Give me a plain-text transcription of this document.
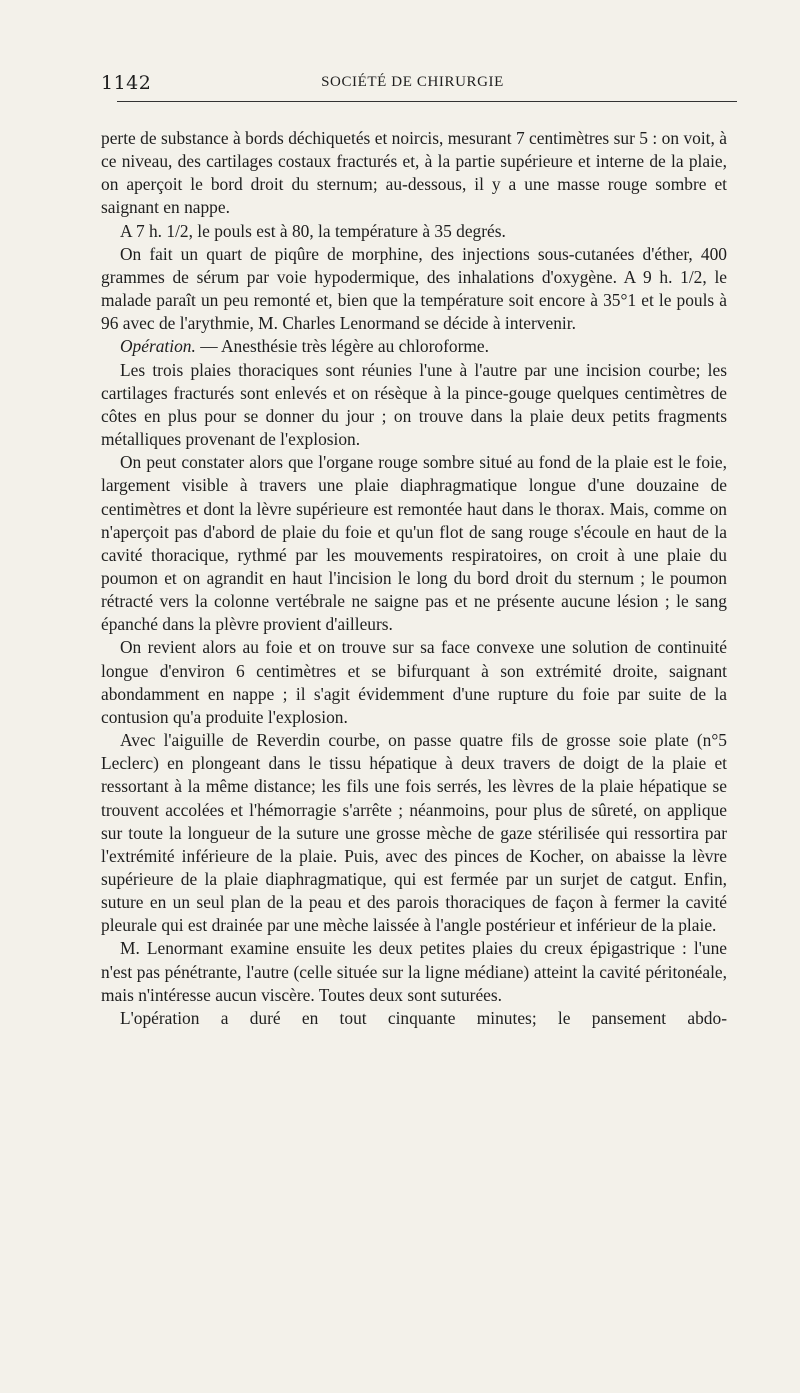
1142	SOCIÉTÉ DE CHIRURGIE

perte de substance à bords déchiquetés et noircis, mesurant 7 centimètres sur 5 : on voit, à ce niveau, des cartilages costaux fracturés et, à la partie supérieure et interne de la plaie, on aperçoit le bord droit du sternum; au-dessous, il y a une masse rouge sombre et saignant en nappe.

A 7 h. 1/2, le pouls est à 80, la température à 35 degrés.

On fait un quart de piqûre de morphine, des injections sous-cutanées d'éther, 400 grammes de sérum par voie hypodermique, des inhalations d'oxygène. A 9 h. 1/2, le malade paraît un peu remonté et, bien que la température soit encore à 35°1 et le pouls à 96 avec de l'arythmie, M. Charles Lenormand se décide à intervenir.

Opération. — Anesthésie très légère au chloroforme.

Les trois plaies thoraciques sont réunies l'une à l'autre par une incision courbe; les cartilages fracturés sont enlevés et on résèque à la pince-gouge quelques centimètres de côtes en plus pour se donner du jour ; on trouve dans la plaie deux petits fragments métalliques provenant de l'explosion.

On peut constater alors que l'organe rouge sombre situé au fond de la plaie est le foie, largement visible à travers une plaie diaphragmatique longue d'une douzaine de centimètres et dont la lèvre supérieure est remontée haut dans le thorax. Mais, comme on n'aperçoit pas d'abord de plaie du foie et qu'un flot de sang rouge s'écoule en haut de la cavité thoracique, rythmé par les mouvements respiratoires, on croit à une plaie du poumon et on agrandit en haut l'incision le long du bord droit du sternum ; le poumon rétracté vers la colonne vertébrale ne saigne pas et ne présente aucune lésion ; le sang épanché dans la plèvre provient d'ailleurs.

On revient alors au foie et on trouve sur sa face convexe une solution de continuité longue d'environ 6 centimètres et se bifurquant à son extrémité droite, saignant abondamment en nappe ; il s'agit évidemment d'une rupture du foie par suite de la contusion qu'a produite l'explosion.

Avec l'aiguille de Reverdin courbe, on passe quatre fils de grosse soie plate (n°5 Leclerc) en plongeant dans le tissu hépatique à deux travers de doigt de la plaie et ressortant à la même distance; les fils une fois serrés, les lèvres de la plaie hépatique se trouvent accolées et l'hémorragie s'arrête ; néanmoins, pour plus de sûreté, on applique sur toute la longueur de la suture une grosse mèche de gaze stérilisée qui ressortira par l'extrémité inférieure de la plaie. Puis, avec des pinces de Kocher, on abaisse la lèvre supérieure de la plaie diaphragmatique, qui est fermée par un surjet de catgut. Enfin, suture en un seul plan de la peau et des parois thoraciques de façon à fermer la cavité pleurale qui est drainée par une mèche laissée à l'angle postérieur et inférieur de la plaie.

M. Lenormant examine ensuite les deux petites plaies du creux épigastrique : l'une n'est pas pénétrante, l'autre (celle située sur la ligne médiane) atteint la cavité péritonéale, mais n'intéresse aucun viscère. Toutes deux sont suturées.

L'opération a duré en tout cinquante minutes; le pansement abdo-
